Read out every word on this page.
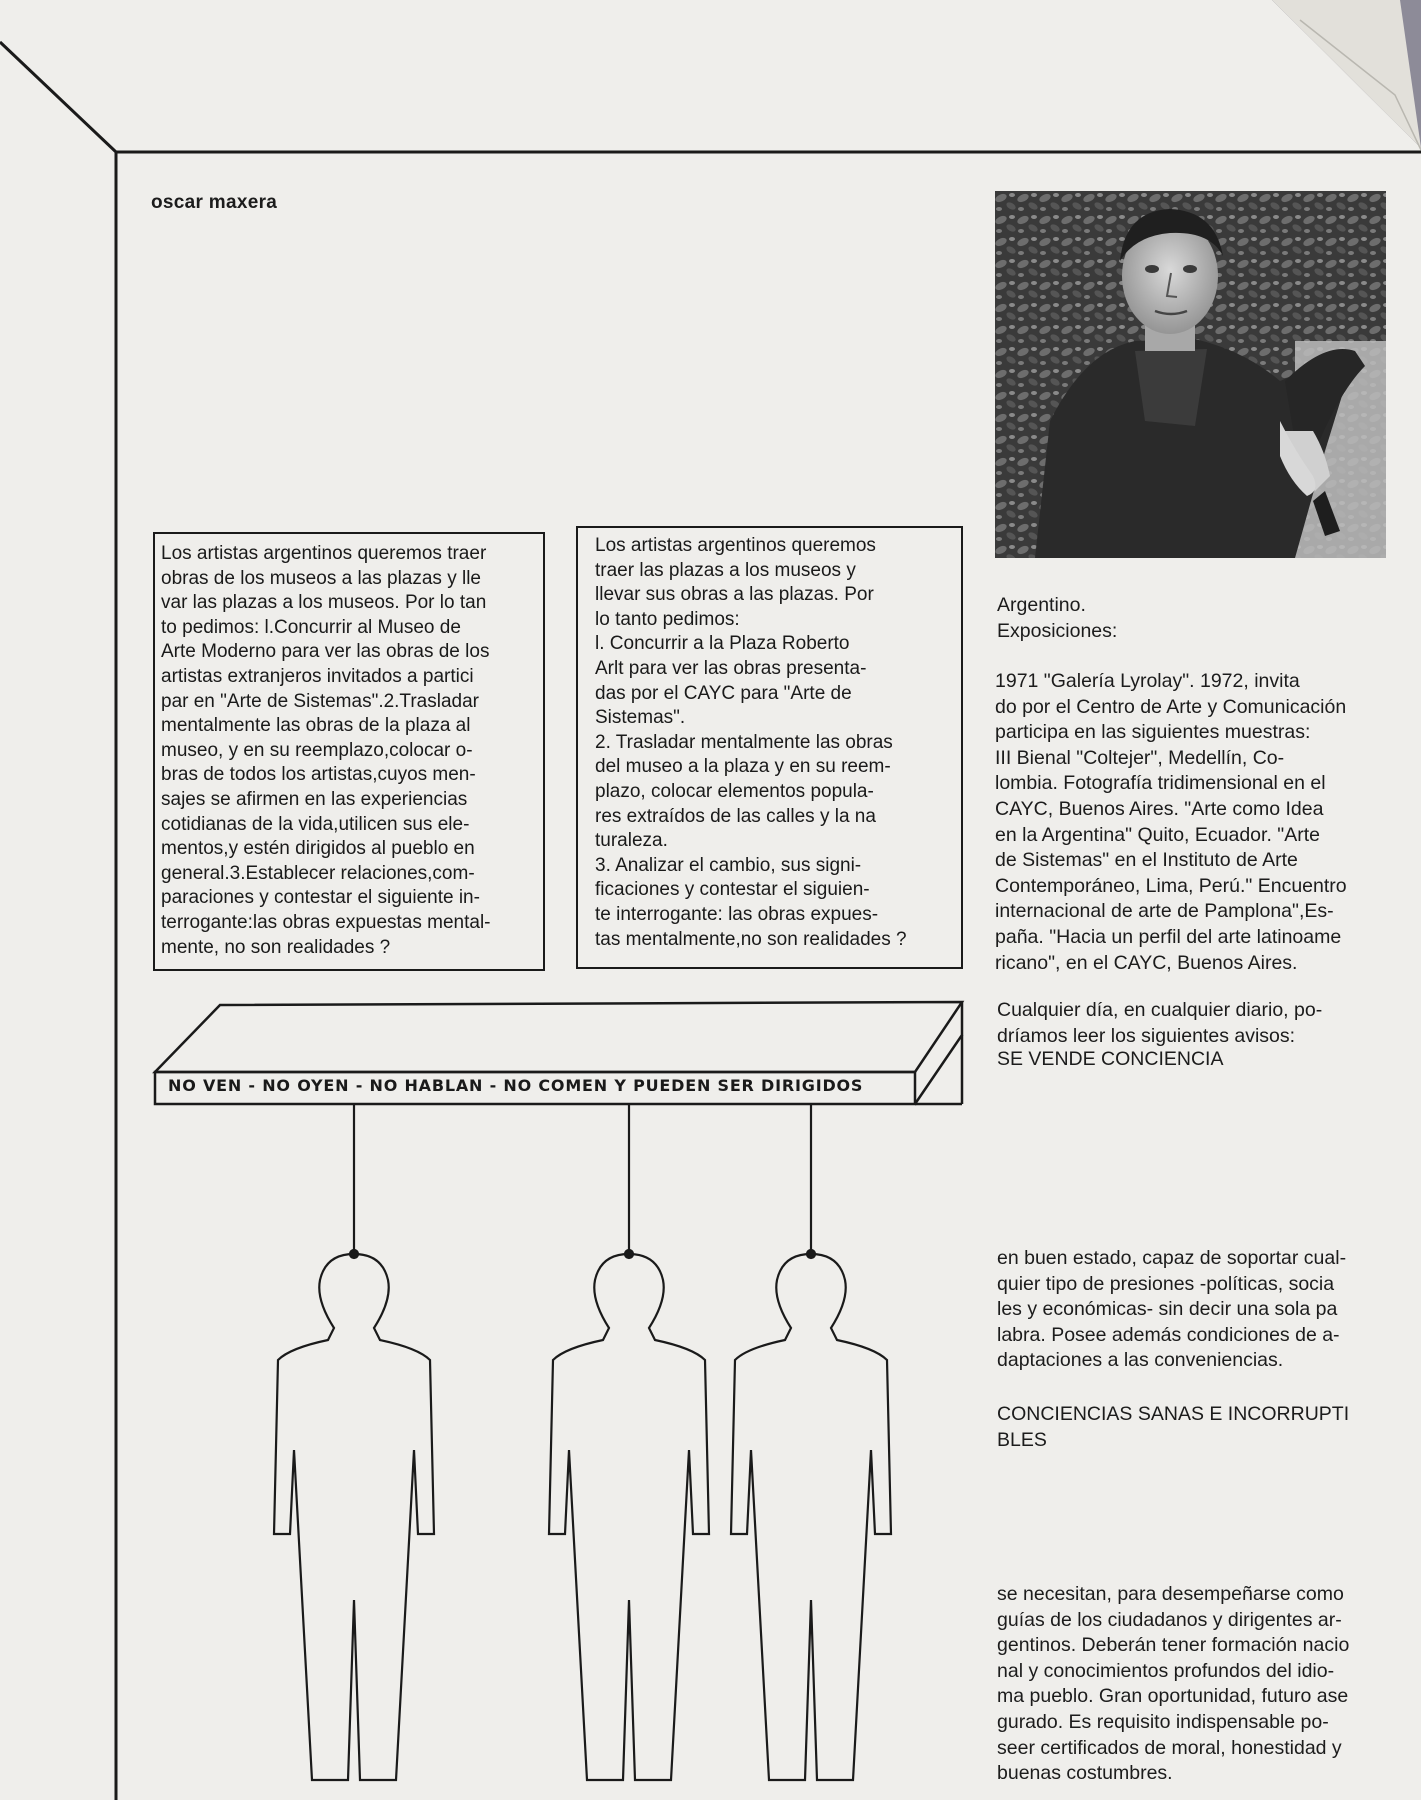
oscar maxera
Los artistas argentinos queremos traer
obras de los museos a las plazas y lle
var las plazas a los museos. Por lo tan
to pedimos: l.Concurrir al Museo de
Arte Moderno para ver las obras de los
artistas extranjeros invitados a partici
par en "Arte de Sistemas".2.Trasladar
mentalmente las obras de la plaza al
museo, y en su reemplazo,colocar o-
bras de todos los artistas,cuyos men-
sajes se afirmen en las experiencias
cotidianas de la vida,utilicen sus ele-
mentos,y estén dirigidos al pueblo en
general.3.Establecer relaciones,com-
paraciones y contestar el siguiente in-
terrogante:las obras expuestas mental-
mente, no son realidades ?
Los artistas argentinos queremos
traer las plazas a los museos y
llevar sus obras a las plazas. Por
lo tanto pedimos:
l. Concurrir a la Plaza Roberto
Arlt para ver las obras presenta-
das por el CAYC para "Arte de
Sistemas".
2. Trasladar mentalmente las obras
del museo a la plaza y en su reem-
plazo, colocar elementos popula-
res extraídos de las calles y la na
turaleza.
3. Analizar el cambio, sus signi-
ficaciones y contestar el siguien-
te interrogante: las obras expues-
tas mentalmente,no son realidades ?
Argentino.
Exposiciones:
1971 "Galería Lyrolay". 1972, invita
do por el Centro de Arte y Comunicación
participa en las siguientes muestras:
III Bienal "Coltejer", Medellín, Co-
lombia. Fotografía tridimensional en el
CAYC, Buenos Aires. "Arte como Idea
en la Argentina" Quito, Ecuador. "Arte
de Sistemas" en el Instituto de Arte
Contemporáneo, Lima, Perú." Encuentro
internacional de arte de Pamplona",Es-
paña. "Hacia un perfil del arte latinoame
ricano", en el CAYC, Buenos Aires.
Cualquier día, en cualquier diario, po-
dríamos leer los siguientes avisos:
SE VENDE CONCIENCIA
en buen estado, capaz de soportar cual-
quier tipo de presiones -políticas, socia
les y económicas- sin decir una sola pa
labra. Posee además condiciones de a-
daptaciones a las conveniencias.
CONCIENCIAS SANAS E INCORRUPTI
BLES
se necesitan, para desempeñarse como
guías de los ciudadanos y dirigentes ar-
gentinos. Deberán tener formación nacio
nal y conocimientos profundos del idio-
ma pueblo. Gran oportunidad, futuro ase
gurado. Es requisito indispensable po-
seer certificados de moral, honestidad y
buenas costumbres.
NO VEN - NO OYEN - NO HABLAN - NO COMEN Y PUEDEN SER DIRIGIDOS
